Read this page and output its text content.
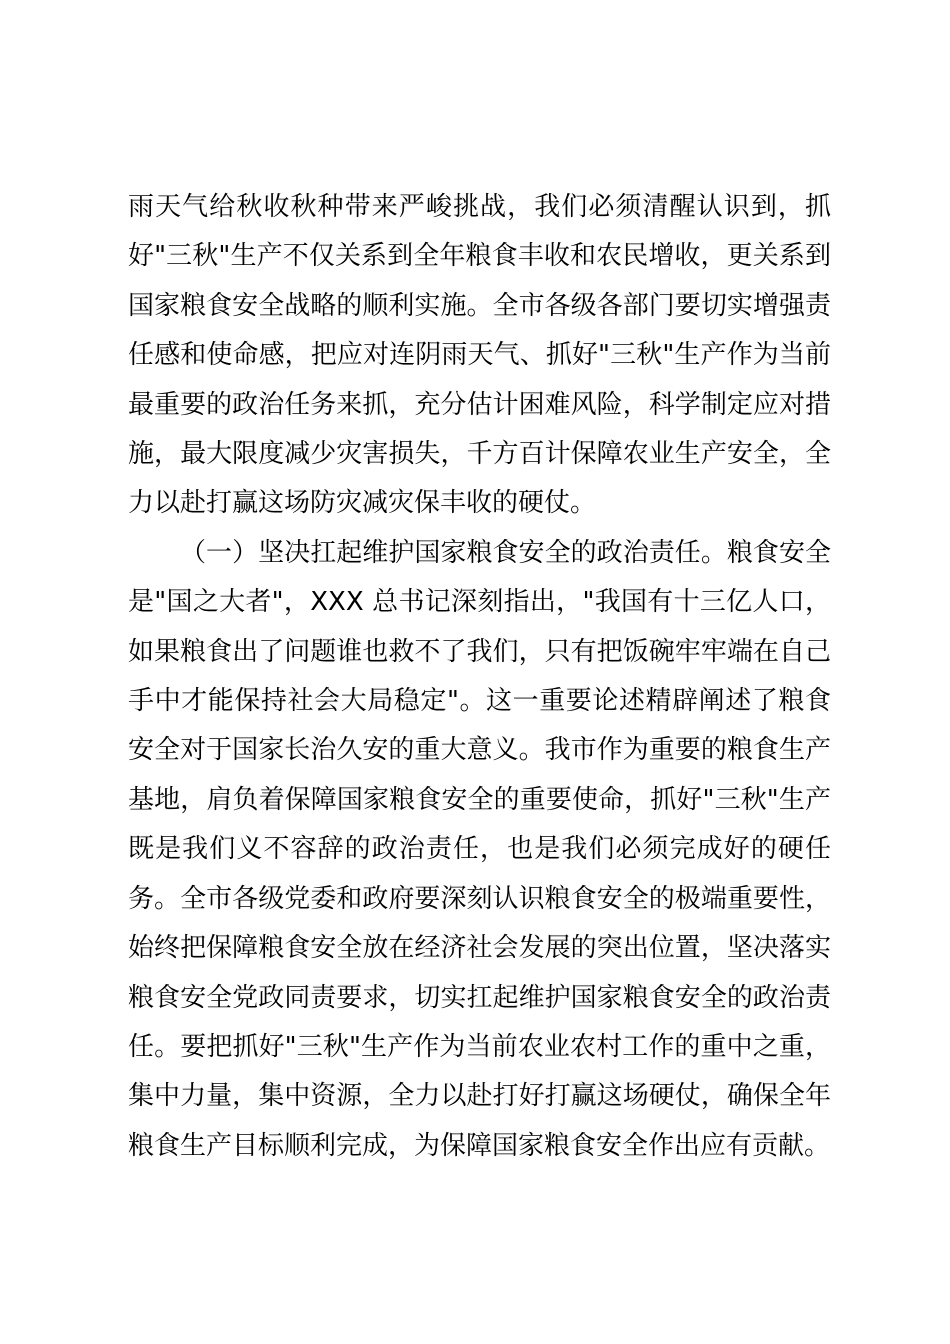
雨天气给秋收秋种带来严峻挑战，我们必须清醒认识到，抓好"三秋"生产不仅关系到全年粮食丰收和农民增收，更关系到国家粮食安全战略的顺利实施。全市各级各部门要切实增强责任感和使命感，把应对连阴雨天气、抓好"三秋"生产作为当前最重要的政治任务来抓，充分估计困难风险，科学制定应对措施，最大限度减少灾害损失，千方百计保障农业生产安全，全力以赴打赢这场防灾减灾保丰收的硬仗。

（一）坚决扛起维护国家粮食安全的政治责任。粮食安全是"国之大者"，XXX 总书记深刻指出，"我国有十三亿人口，如果粮食出了问题谁也救不了我们，只有把饭碗牢牢端在自己手中才能保持社会大局稳定"。这一重要论述精辟阐述了粮食安全对于国家长治久安的重大意义。我市作为重要的粮食生产基地，肩负着保障国家粮食安全的重要使命，抓好"三秋"生产既是我们义不容辞的政治责任，也是我们必须完成好的硬任务。全市各级党委和政府要深刻认识粮食安全的极端重要性，始终把保障粮食安全放在经济社会发展的突出位置，坚决落实粮食安全党政同责要求，切实扛起维护国家粮食安全的政治责任。要把抓好"三秋"生产作为当前农业农村工作的重中之重，集中力量，集中资源，全力以赴打好打赢这场硬仗，确保全年粮食生产目标顺利完成，为保障国家粮食安全作出应有贡献。
